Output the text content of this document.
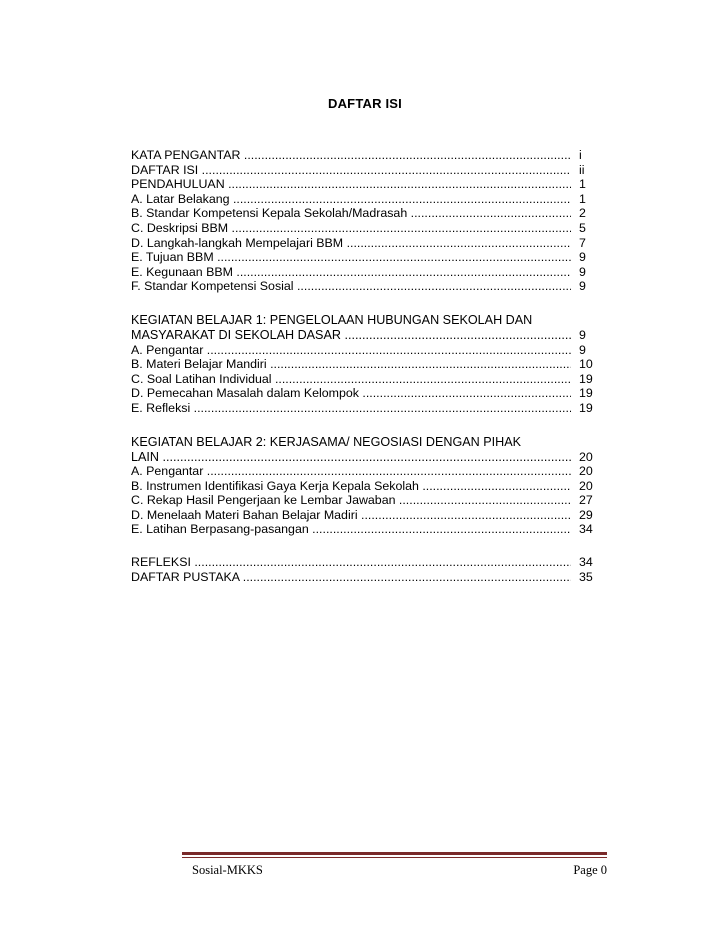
DAFTAR ISI
KATA PENGANTAR .....	i
DAFTAR ISI .....	ii
PENDAHULUAN .....	1
A. Latar Belakang .....	1
B. Standar Kompetensi Kepala Sekolah/Madrasah .....	2
C. Deskripsi BBM .....	5
D. Langkah-langkah Mempelajari BBM .....	7
E. Tujuan BBM .....	9
E. Kegunaan BBM .....	9
F. Standar Kompetensi Sosial .....	9
KEGIATAN BELAJAR 1: PENGELOLAAN HUBUNGAN SEKOLAH DAN
MASYARAKAT DI SEKOLAH DASAR .....	9
A. Pengantar .....	9
B. Materi Belajar Mandiri .....	10
C. Soal Latihan Individual .....	19
D. Pemecahan Masalah dalam Kelompok .....	19
E. Refleksi .....	19
KEGIATAN BELAJAR 2: KERJASAMA/ NEGOSIASI DENGAN PIHAK
LAIN .....	20
A. Pengantar .....	20
B. Instrumen Identifikasi Gaya Kerja Kepala Sekolah .....	20
C. Rekap Hasil Pengerjaan ke Lembar Jawaban .....	27
D. Menelaah Materi Bahan Belajar Madiri .....	29
E. Latihan Berpasang-pasangan .....	34
REFLEKSI .....	34
DAFTAR PUSTAKA .....	35
Sosial-MKKS	Page 0
